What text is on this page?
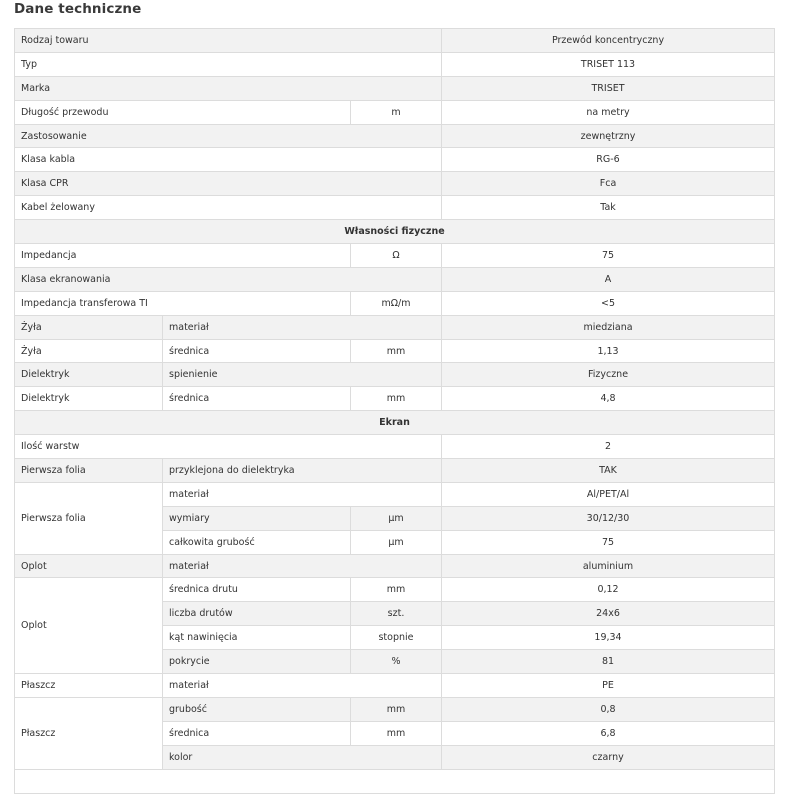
Dane techniczne
Rodzaj towaru			Przewód koncentryczny
Typ			TRISET 113
Marka			TRISET
Długość przewodu		m	na metry
Zastosowanie			zewnętrzny
Klasa kabla			RG-6
Klasa CPR			Fca
Kabel żelowany			Tak
Własności fizyczne			
Impedancja		Ω	75
Klasa ekranowania			A
Impedancja transferowa TI		mΩ/m	<5
Żyła	materiał		miedziana
Żyła	średnica	mm	1,13
Dielektryk	spienienie		Fizyczne
Dielektryk	średnica	mm	4,8
Ekran			
Ilość warstw			2
Pierwsza folia	przyklejona do dielektryka		TAK
Pierwsza folia	materiał		Al/PET/Al
	wymiary	µm	30/12/30
	całkowita grubość	µm	75
Oplot	materiał		aluminium
Oplot	średnica drutu	mm	0,12
	liczba drutów	szt.	24x6
	kąt nawinięcia	stopnie	19,34
	pokrycie	%	81
Płaszcz	materiał		PE
Płaszcz	grubość	mm	0,8
	średnica	mm	6,8
	kolor		czarny
